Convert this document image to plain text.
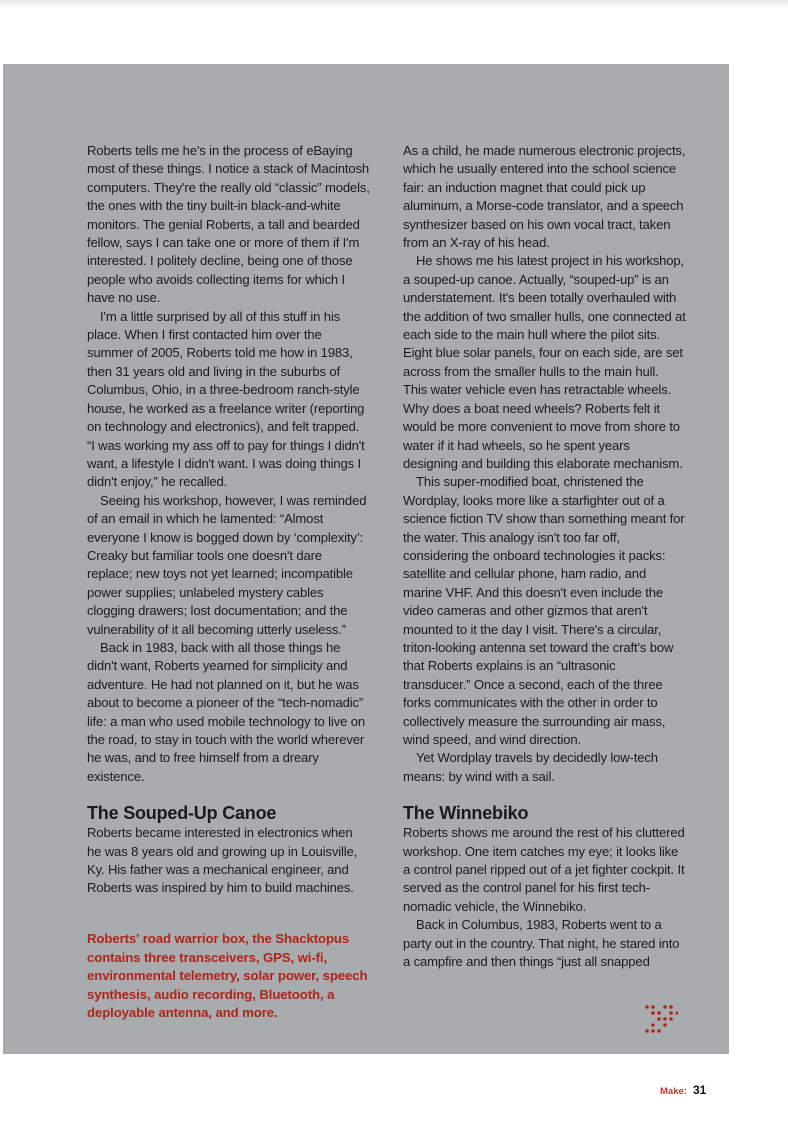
Roberts tells me he's in the process of eBaying most of these things. I notice a stack of Macintosh computers. They're the really old “classic” models, the ones with the tiny built-in black-and-white monitors. The genial Roberts, a tall and bearded fellow, says I can take one or more of them if I'm interested. I politely decline, being one of those people who avoids collecting items for which I have no use.

I'm a little surprised by all of this stuff in his place. When I first contacted him over the summer of 2005, Roberts told me how in 1983, then 31 years old and living in the suburbs of Columbus, Ohio, in a three-bedroom ranch-style house, he worked as a freelance writer (reporting on technology and electronics), and felt trapped.

“I was working my ass off to pay for things I didn't want, a lifestyle I didn't want. I was doing things I didn't enjoy,” he recalled.

Seeing his workshop, however, I was reminded of an email in which he lamented: “Almost everyone I know is bogged down by ‘complexity’: Creaky but familiar tools one doesn't dare replace; new toys not yet learned; incompatible power supplies; unlabeled mystery cables clogging drawers; lost documentation; and the vulnerability of it all becoming utterly useless.”

Back in 1983, back with all those things he didn't want, Roberts yearned for simplicity and adventure. He had not planned on it, but he was about to become a pioneer of the “tech-nomadic” life: a man who used mobile technology to live on the road, to stay in touch with the world wherever he was, and to free himself from a dreary existence.

The Souped-Up Canoe

Roberts became interested in electronics when he was 8 years old and growing up in Louisville, Ky. His father was a mechanical engineer, and Roberts was inspired by him to build machines.

As a child, he made numerous electronic projects, which he usually entered into the school science fair: an induction magnet that could pick up aluminum, a Morse-code translator, and a speech synthesizer based on his own vocal tract, taken from an X-ray of his head.

He shows me his latest project in his workshop, a souped-up canoe. Actually, “souped-up” is an understatement. It's been totally overhauled with the addition of two smaller hulls, one connected at each side to the main hull where the pilot sits. Eight blue solar panels, four on each side, are set across from the smaller hulls to the main hull. This water vehicle even has retractable wheels. Why does a boat need wheels? Roberts felt it would be more convenient to move from shore to water if it had wheels, so he spent years designing and building this elaborate mechanism.

This super-modified boat, christened the Wordplay, looks more like a starfighter out of a science fiction TV show than something meant for the water. This analogy isn't too far off, considering the onboard technologies it packs: satellite and cellular phone, ham radio, and marine VHF. And this doesn't even include the video cameras and other gizmos that aren't mounted to it the day I visit. There's a circular, triton-looking antenna set toward the craft's bow that Roberts explains is an “ultrasonic transducer.” Once a second, each of the three forks communicates with the other in order to collectively measure the surrounding air mass, wind speed, and wind direction.

Yet Wordplay travels by decidedly low-tech means: by wind with a sail.

The Winnebiko

Roberts shows me around the rest of his cluttered workshop. One item catches my eye; it looks like a control panel ripped out of a jet fighter cockpit. It served as the control panel for his first tech-nomadic vehicle, the Winnebiko.

Back in Columbus, 1983, Roberts went to a party out in the country. That night, he stared into a campfire and then things “just all snapped

Roberts' road warrior box, the Shacktopus contains three transceivers, GPS, wi-fi, environmental telemetry, solar power, speech synthesis, audio recording, Bluetooth, a deployable antenna, and more.
Make: 31
